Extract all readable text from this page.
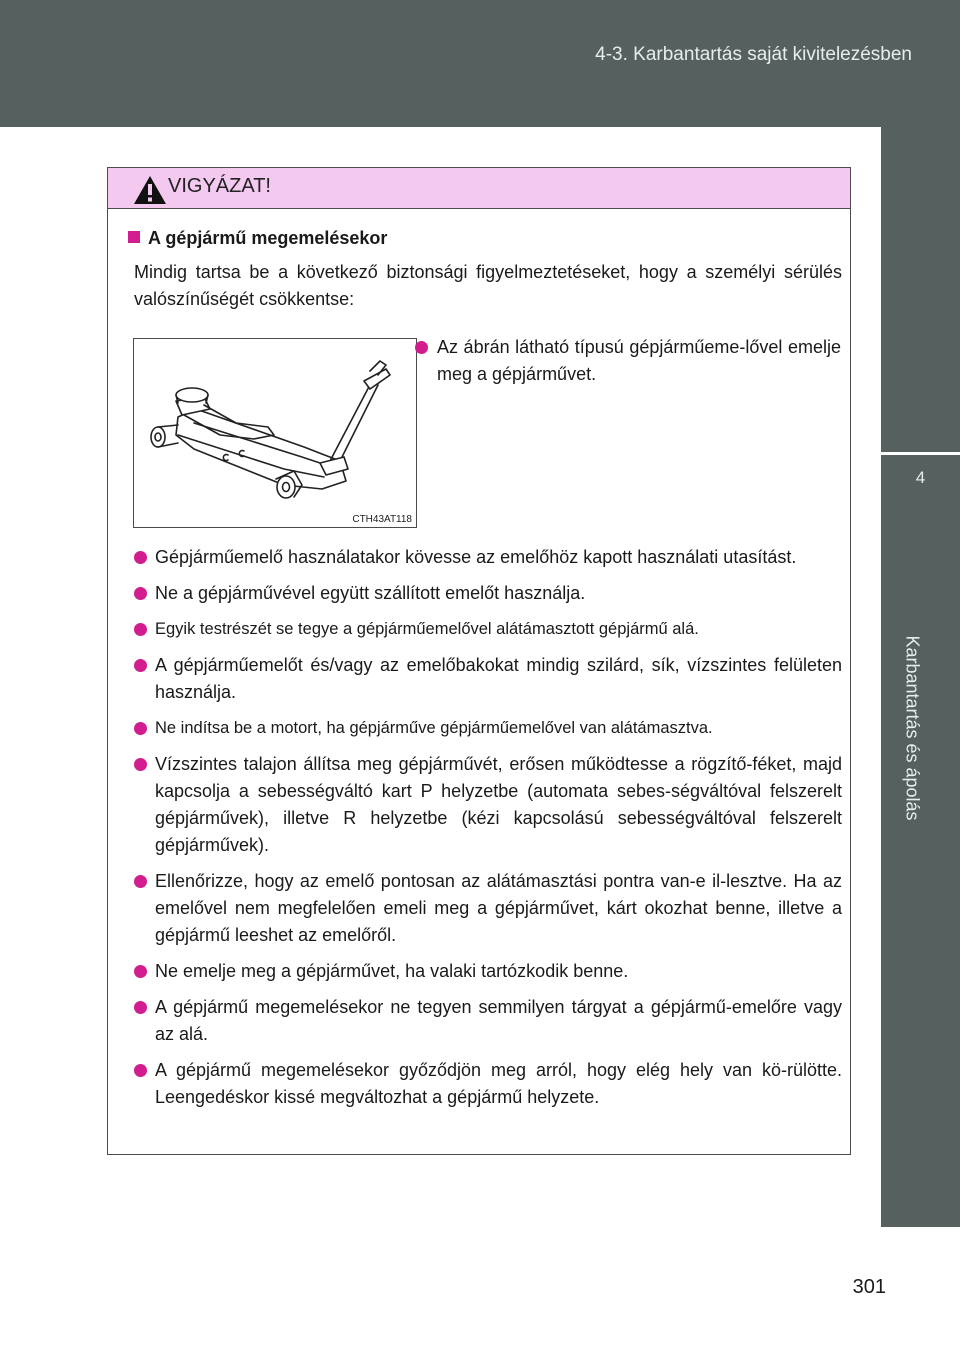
4-3. Karbantartás saját kivitelezésben
4
Karbantartás és ápolás
VIGYÁZAT!
A gépjármű megemelésekor
Mindig tartsa be a következő biztonsági figyelmeztetéseket, hogy a személyi sérülés valószínűségét csökkentse:
CTH43AT118
Az ábrán látható típusú gépjárműeme-lővel emelje meg a gépjárművet.
Gépjárműemelő használatakor kövesse az emelőhöz kapott használati utasítást.
Ne a gépjárművével együtt szállított emelőt használja.
Egyik testrészét se tegye a gépjárműemelővel alátámasztott gépjármű alá.
A gépjárműemelőt és/vagy az emelőbakokat mindig szilárd, sík, vízszintes felületen használja.
Ne indítsa be a motort, ha gépjárműve gépjárműemelővel van alátámasztva.
Vízszintes talajon állítsa meg gépjárművét, erősen működtesse a rögzítő-féket, majd kapcsolja a sebességváltó kart P helyzetbe (automata sebes-ségváltóval felszerelt gépjárművek), illetve R helyzetbe (kézi kapcsolású sebességváltóval felszerelt gépjárművek).
Ellenőrizze, hogy az emelő pontosan az alátámasztási pontra van-e il-lesztve. Ha az emelővel nem megfelelően emeli meg a gépjárművet, kárt okozhat benne, illetve a gépjármű leeshet az emelőről.
Ne emelje meg a gépjárművet, ha valaki tartózkodik benne.
A gépjármű megemelésekor ne tegyen semmilyen tárgyat a gépjármű-emelőre vagy az alá.
A gépjármű megemelésekor győződjön meg arról, hogy elég hely van kö-rülötte. Leengedéskor kissé megváltozhat a gépjármű helyzete.
301
